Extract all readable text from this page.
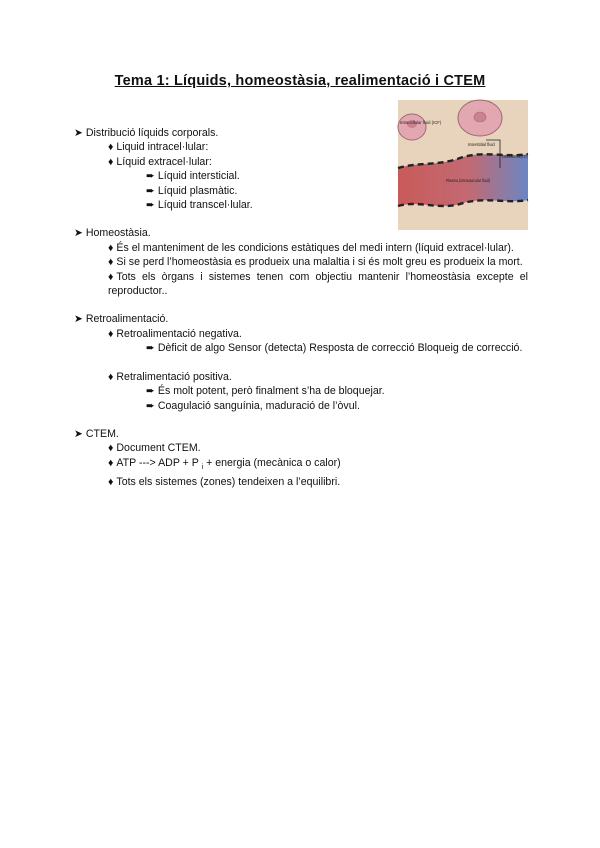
Tema 1: Líquids, homeostàsia, realimentació i CTEM
Intracellular fluid (ICF)
Interstitial fluid
Extracellular fluid (ECF)
Plasma (intravascular fluid)
➤ Distribució líquids corporals.
♦ Liquid intracel·lular:
♦ Líquid extracel·lular:
➨ Líquid intersticial.
➨ Líquid plasmàtic.
➨ Líquid transcel·lular.
➤ Homeostàsia.
♦ És el manteniment de les condicions estàtiques del medi intern (líquid extracel·lular).
♦ Si se perd l’homeostàsia es produeix una malaltia i si és molt greu es produeix la mort.
♦ Tots els òrgans i sistemes tenen com objectiu mantenir l’homeostàsia excepte el reproductor..
➤ Retroalimentació.
♦ Retroalimentació negativa.
➨ Dèficit de algo Sensor (detecta) Resposta de correcció Bloqueig de correcció.
♦ Retralimentació positiva.
➨ És molt potent, però finalment s’ha de bloquejar.
➨ Coagulació sanguínia, maduració de l’òvul.
➤ CTEM.
♦ Document CTEM.
♦ ATP ---> ADP + P $_i$ + energia (mecànica o calor)
♦ Tots els sistemes (zones) tendeixen a l’equilibri.
